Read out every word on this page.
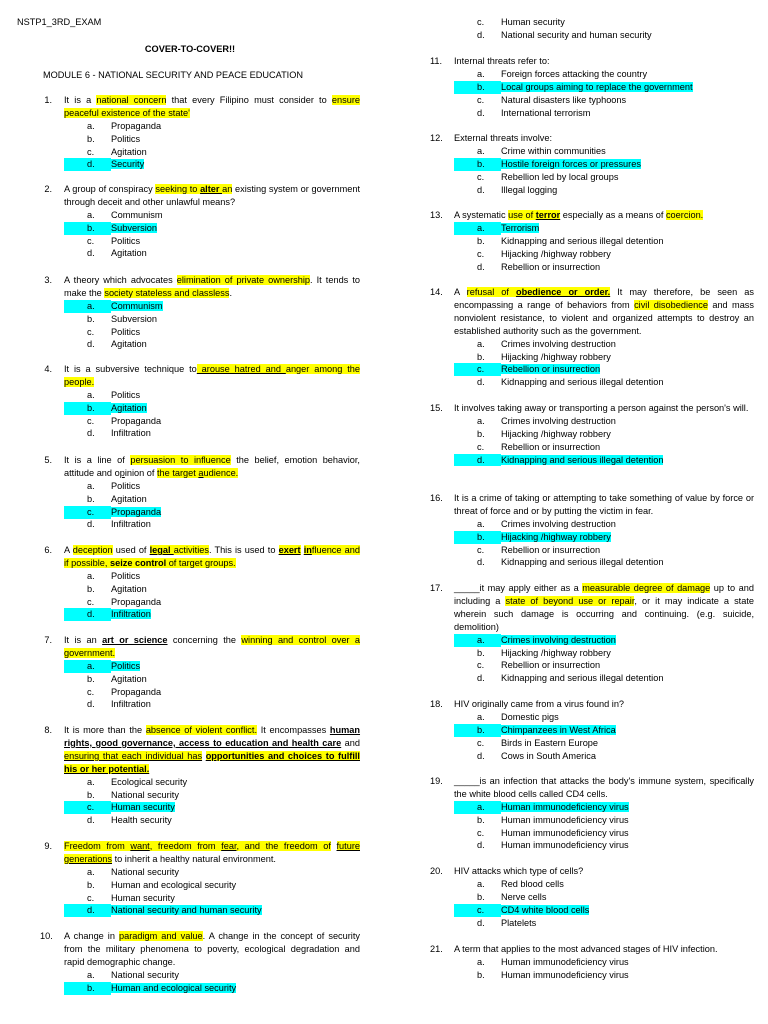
NSTP1_3RD_EXAM
COVER-TO-COVER!!
MODULE 6 - NATIONAL SECURITY AND PEACE EDUCATION
1. It is a national concern that every Filipino must consider to ensure peaceful existence of the state'
a. Propaganda
b. Politics
c. Agitation
d. Security
2. A group of conspiracy seeking to alter an existing system or government through deceit and other unlawful means?
a. Communism
b. Subversion
c. Politics
d. Agitation
3. A theory which advocates elimination of private ownership. It tends to make the society stateless and classless.
a. Communism
b. Subversion
c. Politics
d. Agitation
4. It is a subversive technique to arouse hatred and anger among the people.
a. Politics
b. Agitation
c. Propaganda
d. Infiltration
5. It is a line of persuasion to influence the belief, emotion behavior, attitude and opinion of the target audience.
a. Politics
b. Agitation
c. Propaganda
d. Infiltration
6. A deception used of legal activities. This is used to exert influence and if possible, seize control of target groups.
a. Politics
b. Agitation
c. Propaganda
d. Infiltration
7. It is an art or science concerning the winning and control over a government.
a. Politics
b. Agitation
c. Propaganda
d. Infiltration
8. It is more than the absence of violent conflict. It encompasses human rights, good governance, access to education and health care and ensuring that each individual has opportunities and choices to fulfill his or her potential.
a. Ecological security
b. National security
c. Human security
d. Health security
9. Freedom from want, freedom from fear, and the freedom of future generations to inherit a healthy natural environment.
a. National security
b. Human and ecological security
c. Human security
d. National security and human security
10. A change in paradigm and value. A change in the concept of security from the military phenomena to poverty, ecological degradation and rapid demographic change.
a. National security
b. Human and ecological security
c. Human security
d. National security and human security
11. Internal threats refer to:
a. Foreign forces attacking the country
b. Local groups aiming to replace the government
c. Natural disasters like typhoons
d. International terrorism
12. External threats involve:
a. Crime within communities
b. Hostile foreign forces or pressures
c. Rebellion led by local groups
d. Illegal logging
13. A systematic use of terror especially as a means of coercion.
a. Terrorism
b. Kidnapping and serious illegal detention
c. Hijacking /highway robbery
d. Rebellion or insurrection
14. A refusal of obedience or order. It may therefore, be seen as encompassing a range of behaviors from civil disobedience and mass nonviolent resistance, to violent and organized attempts to destroy an established authority such as the government.
a. Crimes involving destruction
b. Hijacking /highway robbery
c. Rebellion or insurrection
d. Kidnapping and serious illegal detention
15. It involves taking away or transporting a person against the person's will.
a. Crimes involving destruction
b. Hijacking /highway robbery
c. Rebellion or insurrection
d. Kidnapping and serious illegal detention
16. It is a crime of taking or attempting to take something of value by force or threat of force and or by putting the victim in fear.
a. Crimes involving destruction
b. Hijacking /highway robbery
c. Rebellion or insurrection
d. Kidnapping and serious illegal detention
17. _____it may apply either as a measurable degree of damage up to and including a state of beyond use or repair, or it may indicate a state wherein such damage is occurring and continuing. (e.g. suicide, demolition)
a. Crimes involving destruction
b. Hijacking /highway robbery
c. Rebellion or insurrection
d. Kidnapping and serious illegal detention
18. HIV originally came from a virus found in?
a. Domestic pigs
b. Chimpanzees in West Africa
c. Birds in Eastern Europe
d. Cows in South America
19. _____is an infection that attacks the body's immune system, specifically the white blood cells called CD4 cells.
a. Human immunodeficiency virus
b. Human immunodeficiency virus
c. Human immunodeficiency virus
d. Human immunodeficiency virus
20. HIV attacks which type of cells?
a. Red blood cells
b. Nerve cells
c. CD4 white blood cells
d. Platelets
21. A term that applies to the most advanced stages of HIV infection.
a. Human immunodeficiency virus
b. Human immunodeficiency virus
